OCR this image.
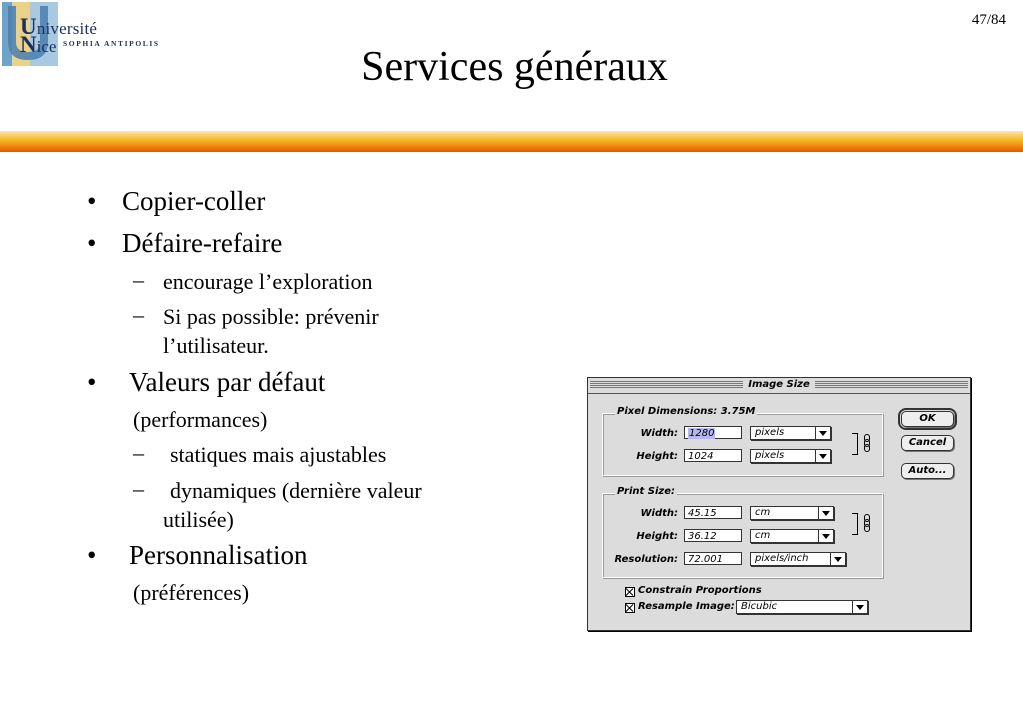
Université
Nice SOPHIA ANTIPOLIS
47/84
Services généraux
• Copier-coller
• Défaire-refaire
– encourage l’exploration
– Si pas possible: prévenir
l’utilisateur.
• Valeurs par défaut
(performances)
– statiques mais ajustables
– dynamiques (dernière valeur
utilisée)
• Personnalisation
(préférences)
Image Size
Pixel Dimensions: 3.75M
Width:	1280	pixels
Height:	1024	pixels
Print Size:
Width:	45.15	cm
Height:	36.12	cm
Resolution:	72.001	pixels/inch
Constrain Proportions
Resample Image: Bicubic
OK
Cancel
Auto...
